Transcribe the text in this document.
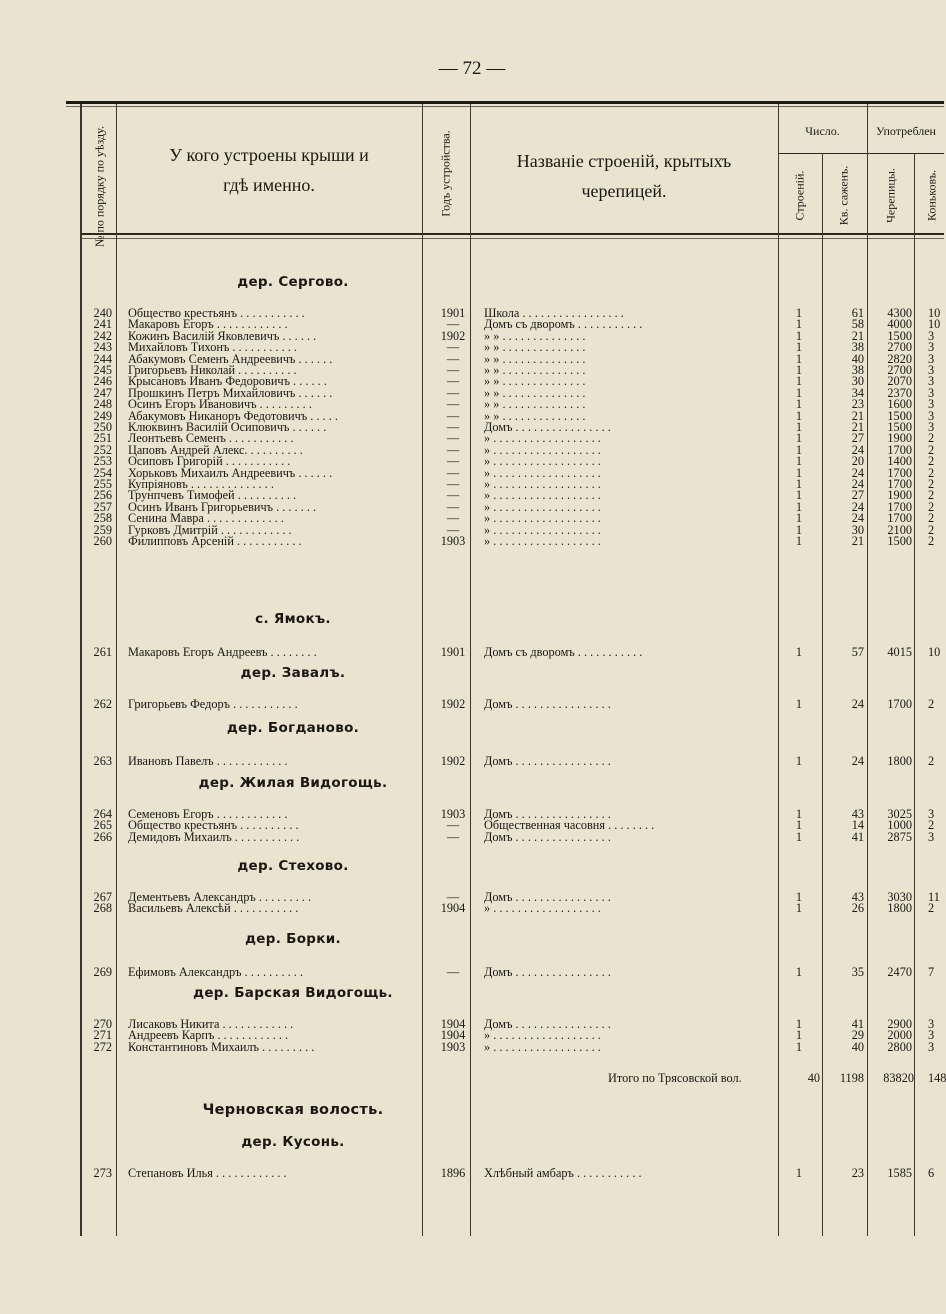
— 72 —
№ по порядку по уѣзду.	У кого устроены крыши и
гдѣ именно.	Годъ устройства.	Названіе строеній, крытыхъ
черепицей.
Число.	Употреблен
Строеній.	Кв. саженъ.	Черепицы. Коньковъ.
дер. Сергово.
240 Общество крестьянъ . . . . . . . . . . .	1901	Школа . . . . . . . . . . . . . . . . .	1	61	4300 10
241 Макаровъ Егоръ . . . . . . . . . . . .	—	Домъ съ дворомъ . . . . . . . . . . .	1	58	4000 10
242 Кожинъ Василій Яковлевичъ . . . . . .	1902	» » . . . . . . . . . . . . . .	1	21	1500 3
243 Михайловъ Тихонъ . . . . . . . . . . .	—	» » . . . . . . . . . . . . . .	1	38	2700 3
244 Абакумовъ Семенъ Андреевичъ . . . . . .	—	» » . . . . . . . . . . . . . .	1	40	2820 3
245 Григорьевъ Николай . . . . . . . . . .	—	» » . . . . . . . . . . . . . .	1	38	2700 3
246 Крысановъ Иванъ Федоровичъ . . . . . .	—	» » . . . . . . . . . . . . . .	1	30	2070 3
247 Прошкинъ Петръ Михайловичъ . . . . . .	—	» » . . . . . . . . . . . . . .	1	34	2370 3
248 Осинъ Егоръ Ивановичъ . . . . . . . . .	—	» » . . . . . . . . . . . . . .	1	23	1600 3
249 Абакумовъ Никаноръ Федотовичъ . . . . .	—	» » . . . . . . . . . . . . . .	1	21	1500 3
250 Клюквинъ Василій Осиповичъ . . . . . .	—	Домъ . . . . . . . . . . . . . . . .	1	21	1500 3
251 Леонтьевъ Семенъ . . . . . . . . . . .	—	» . . . . . . . . . . . . . . . . . .	1	27	1900 2
252 Цаповъ Андрей Алекс. . . . . . . . . .	—	» . . . . . . . . . . . . . . . . . .	1	24	1700 2
253 Осиповъ Григорій . . . . . . . . . . .	—	» . . . . . . . . . . . . . . . . . .	1	20	1400 2
254 Хорьковъ Михаилъ Андреевичъ . . . . . .	—	» . . . . . . . . . . . . . . . . . .	1	24	1700 2
255 Купріяновъ . . . . . . . . . . . . . .	—	» . . . . . . . . . . . . . . . . . .	1	24	1700 2
256 Трунпчевъ Тимофей . . . . . . . . . .	—	» . . . . . . . . . . . . . . . . . .	1	27	1900 2
257 Осинъ Иванъ Григорьевичъ . . . . . . .	—	» . . . . . . . . . . . . . . . . . .	1	24	1700 2
258 Сенина Мавра . . . . . . . . . . . . .	—	» . . . . . . . . . . . . . . . . . .	1	24	1700 2
259 Гурковъ Дмитрій . . . . . . . . . . . .	—	» . . . . . . . . . . . . . . . . . .	1	30	2100 2
260 Филипповъ Арсеній . . . . . . . . . . .	1903	» . . . . . . . . . . . . . . . . . .	1	21	1500 2
с. Ямокъ.
261 Макаровъ Егоръ Андреевъ . . . . . . . .	1901	Домъ съ дворомъ . . . . . . . . . . .	1	57	4015 10
дер. Завалъ.
262 Григорьевъ Федоръ . . . . . . . . . . .	1902	Домъ . . . . . . . . . . . . . . . .	1	24	1700 2
дер. Богданово.
263 Ивановъ Павелъ . . . . . . . . . . . .	1902	Домъ . . . . . . . . . . . . . . . .	1	24	1800 2
дер. Жилая Видогощь.
264 Семеновъ Егоръ . . . . . . . . . . . .	1903	Домъ . . . . . . . . . . . . . . . .	1	43	3025 3
265 Общество крестьянъ . . . . . . . . . .	—	Общественная часовня . . . . . . . .	1	14	1000 2
266 Демидовъ Михаилъ . . . . . . . . . . .	—	Домъ . . . . . . . . . . . . . . . .	1	41	2875 3
дер. Стехово.
267 Дементьевъ Александръ . . . . . . . . .	—	Домъ . . . . . . . . . . . . . . . .	1	43	3030 11
268 Васильевъ Алексѣй . . . . . . . . . . .	1904	» . . . . . . . . . . . . . . . . . .	1	26	1800 2
дер. Борки.
269 Ефимовъ Александръ . . . . . . . . . .	—	Домъ . . . . . . . . . . . . . . . .	1	35	2470 7
дер. Барская Видогощь.
270 Лисаковъ Никита . . . . . . . . . . . .	1904	Домъ . . . . . . . . . . . . . . . .	1	41	2900 3
271 Андреевъ Карпъ . . . . . . . . . . . .	1904	» . . . . . . . . . . . . . . . . . .	1	29	2000 3
272 Константиновъ Михаилъ . . . . . . . . .	1903	» . . . . . . . . . . . . . . . . . .	1	40	2800 3
Итого по Трясовской вол.	40	1198	83820 148
Черновская волость.
дер. Кусонь.
273 Степановъ Илья . . . . . . . . . . . .	1896	Хлѣбный амбаръ . . . . . . . . . . .	1	23	1585 6
